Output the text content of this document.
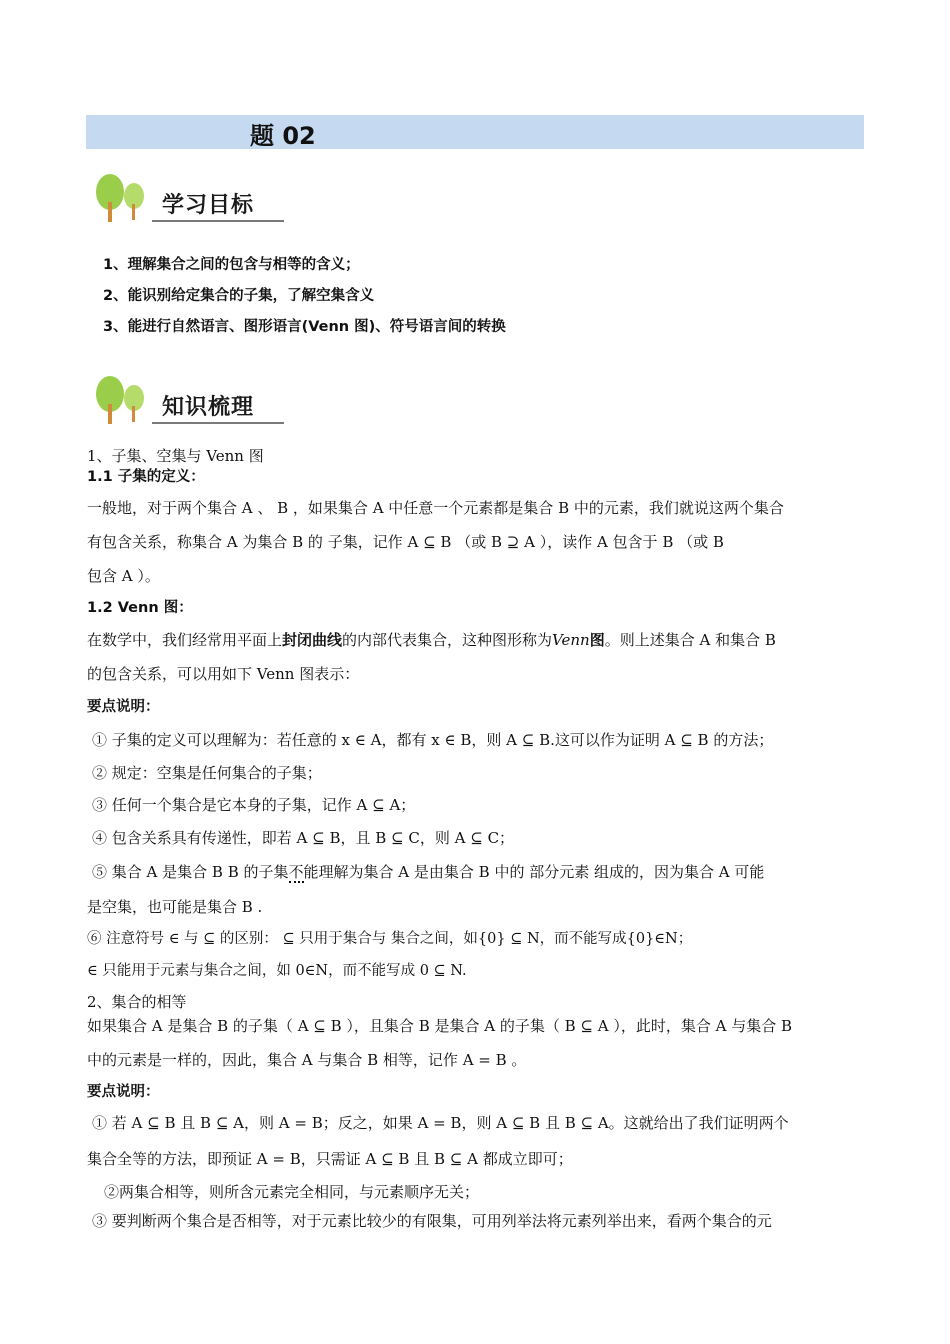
题 02
学习目标
1、理解集合之间的包含与相等的含义；
2、能识别给定集合的子集，了解空集含义
3、能进行自然语言、图形语言(Venn 图)、符号语言间的转换
知识梳理
1、子集、空集与 Venn 图
1.1 子集的定义：
一般地，对于两个集合 A 、 B ，如果集合 A 中任意一个元素都是集合 B 中的元素，我们就说这两个集合
有包含关系，称集合 A 为集合 B 的 子集，记作 A ⊆ B （或 B ⊇ A ），读作 A 包含于 B （或 B
包含 A ）。
1.2 Venn 图：
在数学中，我们经常用平面上封闭曲线的内部代表集合，这种图形称为Venn图。则上述集合 A 和集合 B
的包含关系，可以用如下 Venn 图表示：
要点说明：
① 子集的定义可以理解为：若任意的 x ∈ A，都有 x ∈ B，则 A ⊆ B.这可以作为证明 A ⊆ B 的方法；
② 规定：空集是任何集合的子集；
③ 任何一个集合是它本身的子集，记作 A ⊆ A；
④ 包含关系具有传递性，即若 A ⊆ B，且 B ⊆ C，则 A ⊆ C；
⑤ 集合 A 是集合 B B 的子集不能理解为集合 A 是由集合 B 中的 部分元素 组成的，因为集合 A 可能
是空集，也可能是集合 B .
⑥ 注意符号 ∈ 与 ⊆ 的区别： ⊆ 只用于集合与 集合之间，如{0} ⊆ N，而不能写成{0}∈N；
∈ 只能用于元素与集合之间，如 0∈N，而不能写成 0 ⊆ N.
2、集合的相等
如果集合 A 是集合 B 的子集（ A ⊆ B ），且集合 B 是集合 A 的子集（ B ⊆ A ），此时，集合 A 与集合 B
中的元素是一样的，因此，集合 A 与集合 B 相等，记作 A = B 。
要点说明：
① 若 A ⊆ B 且 B ⊆ A，则 A = B；反之，如果 A = B，则 A ⊆ B 且 B ⊆ A。这就给出了我们证明两个
集合全等的方法，即预证 A = B，只需证 A ⊆ B 且 B ⊆ A 都成立即可；
②两集合相等，则所含元素完全相同，与元素顺序无关；
③ 要判断两个集合是否相等，对于元素比较少的有限集，可用列举法将元素列举出来，看两个集合的元
